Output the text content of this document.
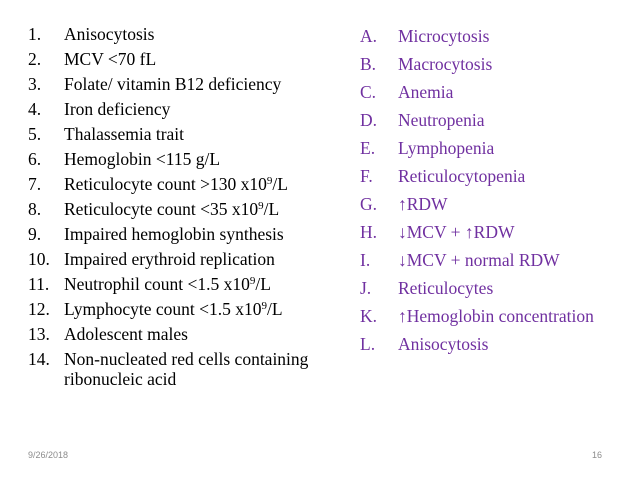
1.	Anisocytosis
2.	MCV <70 fL
3.	Folate/ vitamin B12 deficiency
4.	Iron deficiency
5.	Thalassemia trait
6.	Hemoglobin <115 g/L
7.	Reticulocyte count >130 $x10^9/L$
8.	Reticulocyte count <35 $x10^9/L$
9.	Impaired hemoglobin synthesis
10. Impaired erythroid replication
11. Neutrophil count <1.5 $x10^9/L$
12. Lymphocyte count <1.5 $x10^9/L$
13. Adolescent males
14. Non-nucleated red cells containing ribonucleic acid
A.	Microcytosis
B.	Macrocytosis
C.	Anemia
D.	Neutropenia
E.	Lymphopenia
F.	Reticulocytopenia
G.	↑RDW
H.	↓MCV + ↑RDW
I.	↓MCV + normal RDW
J.	Reticulocytes
K.	↑Hemoglobin concentration
L.	Anisocytosis
9/26/2018	16
